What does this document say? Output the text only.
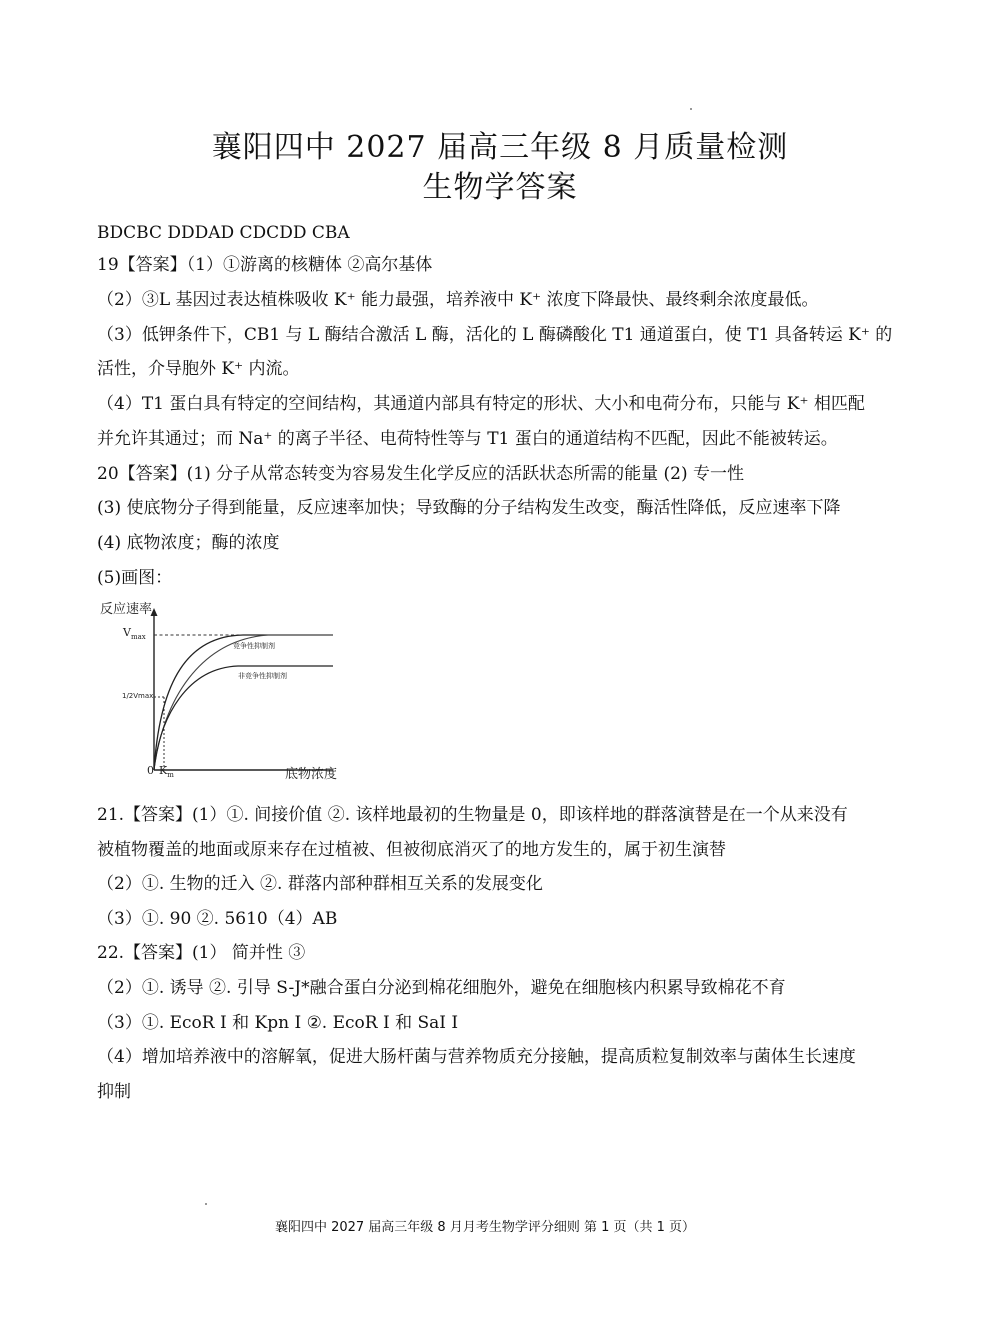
襄阳四中 2027 届高三年级 8 月质量检测
生物学答案
BDCBC DDDAD CDCDD CBA
19【答案】（1）①游离的核糖体 ②高尔基体
（2）③L 基因过表达植株吸收 K⁺ 能力最强，培养液中 K⁺ 浓度下降最快、最终剩余浓度最低。
（3）低钾条件下，CB1 与 L 酶结合激活 L 酶，活化的 L 酶磷酸化 T1 通道蛋白，使 T1 具备转运 K⁺ 的
活性，介导胞外 K⁺ 内流。
（4）T1 蛋白具有特定的空间结构，其通道内部具有特定的形状、大小和电荷分布，只能与 K⁺ 相匹配
并允许其通过；而 Na⁺ 的离子半径、电荷特性等与 T1 蛋白的通道结构不匹配，因此不能被转运。
20【答案】(1) 分子从常态转变为容易发生化学反应的活跃状态所需的能量 (2) 专一性
(3) 使底物分子得到能量，反应速率加快；导致酶的分子结构发生改变，酶活性降低，反应速率下降
(4) 底物浓度；酶的浓度
(5)画图：
反应速率
底物浓度
$V_{max}$
1/2Vmax
竞争性抑制剂
非竞争性抑制剂
0 $K_m$
21.【答案】(1）①. 间接价值 ②. 该样地最初的生物量是 0，即该样地的群落演替是在一个从来没有
被植物覆盖的地面或原来存在过植被、但被彻底消灭了的地方发生的，属于初生演替
（2）①. 生物的迁入 ②. 群落内部种群相互关系的发展变化
（3）①. 90 ②. 5610（4）AB
22.【答案】(1） 简并性 ③
（2）①. 诱导 ②. 引导 S-J*融合蛋白分泌到棉花细胞外，避免在细胞核内积累导致棉花不育
（3）①. EcoR I 和 Kpn I ②. EcoR I 和 SaI I
（4）增加培养液中的溶解氧，促进大肠杆菌与营养物质充分接触，提高质粒复制效率与菌体生长速度
抑制
襄阳四中 2027 届高三年级 8 月月考生物学评分细则 第 1 页（共 1 页）
